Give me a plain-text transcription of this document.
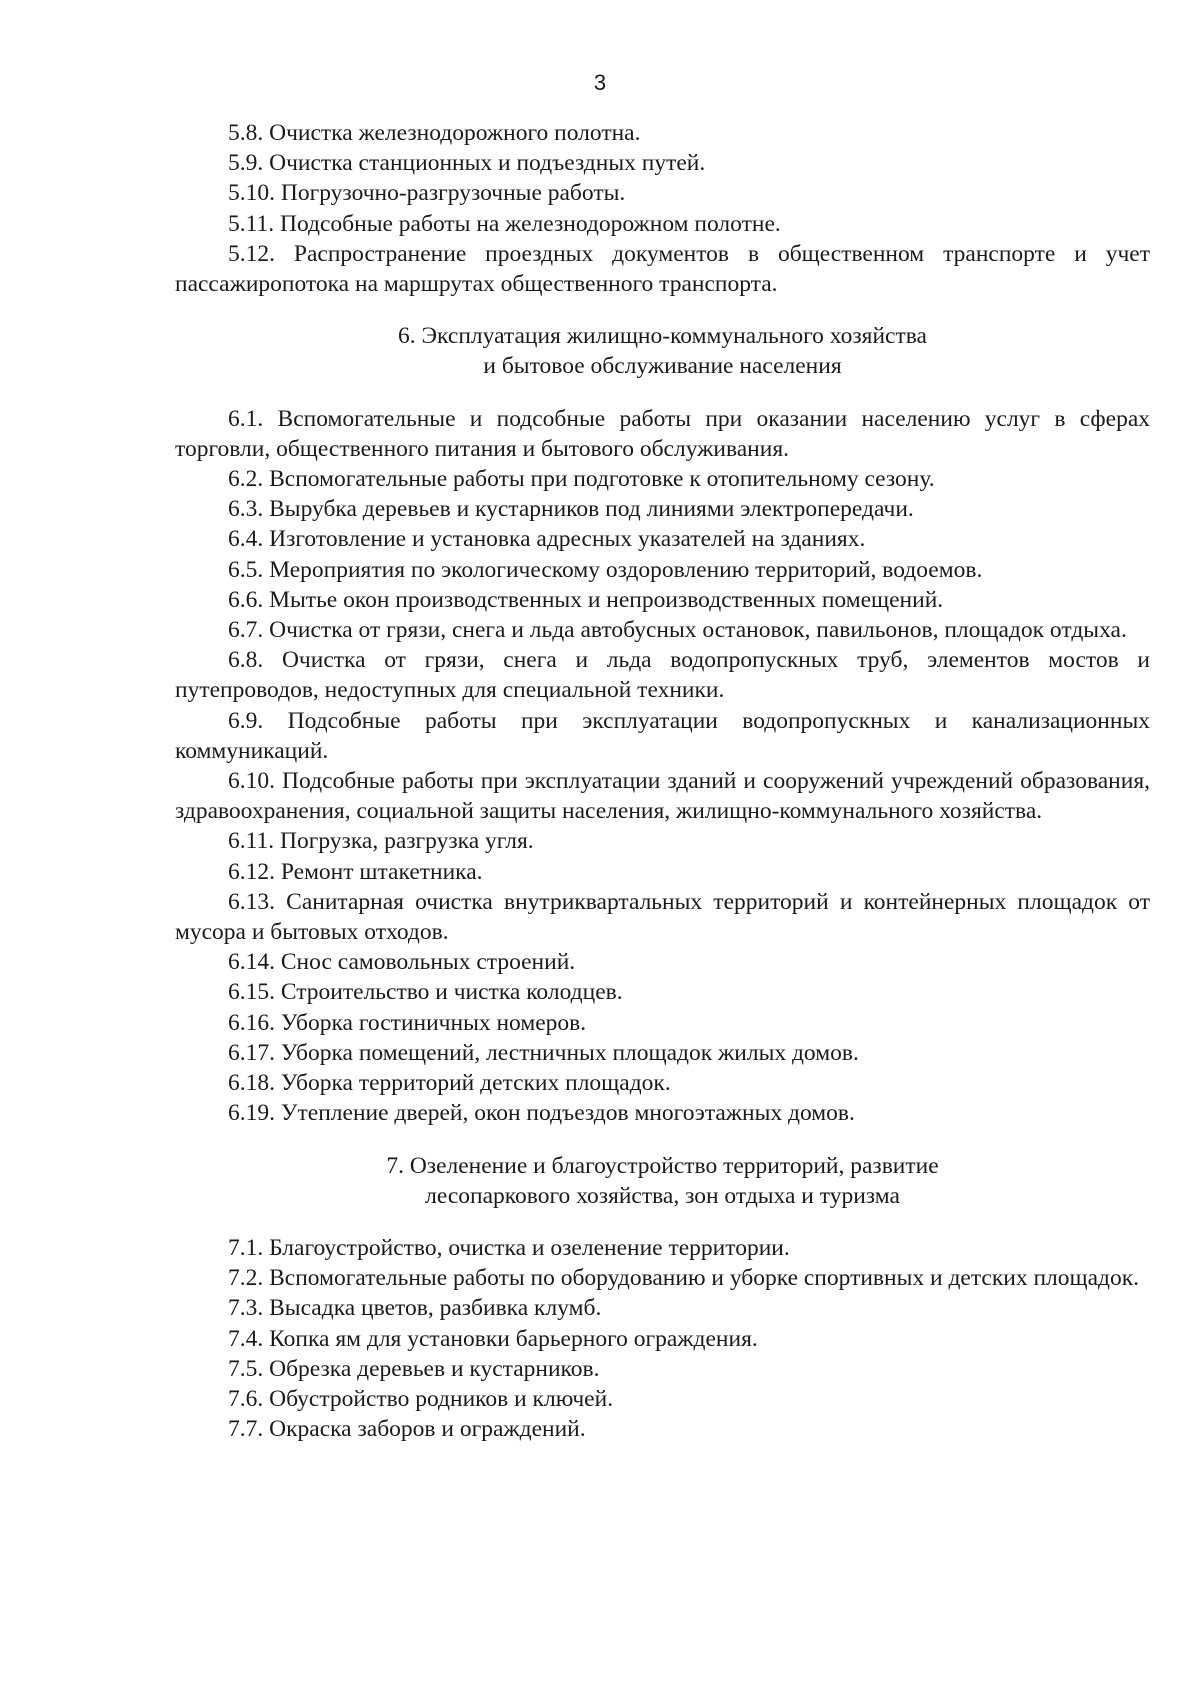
3

5.8. Очистка железнодорожного полотна.

5.9. Очистка станционных и подъездных путей.

5.10. Погрузочно-разгрузочные работы.

5.11. Подсобные работы на железнодорожном полотне.

5.12. Распространение проездных документов в общественном транспорте и учет пассажиропотока на маршрутах общественного транспорта.

6. Эксплуатация жилищно-коммунального хозяйства
и бытовое обслуживание населения

6.1. Вспомогательные и подсобные работы при оказании населению услуг в сферах торговли, общественного питания и бытового обслуживания.

6.2. Вспомогательные работы при подготовке к отопительному сезону.

6.3. Вырубка деревьев и кустарников под линиями электропередачи.

6.4. Изготовление и установка адресных указателей на зданиях.

6.5. Мероприятия по экологическому оздоровлению территорий, водоемов.

6.6. Мытье окон производственных и непроизводственных помещений.

6.7. Очистка от грязи, снега и льда автобусных остановок, павильонов, площадок отдыха.

6.8. Очистка от грязи, снега и льда водопропускных труб, элементов мостов и путепроводов, недоступных для специальной техники.

6.9. Подсобные работы при эксплуатации водопропускных и канализационных коммуникаций.

6.10. Подсобные работы при эксплуатации зданий и сооружений учреждений образования, здравоохранения, социальной защиты населения, жилищно-коммунального хозяйства.

6.11. Погрузка, разгрузка угля.

6.12. Ремонт штакетника.

6.13. Санитарная очистка внутриквартальных территорий и контейнерных площадок от мусора и бытовых отходов.

6.14. Снос самовольных строений.

6.15. Строительство и чистка колодцев.

6.16. Уборка гостиничных номеров.

6.17. Уборка помещений, лестничных площадок жилых домов.

6.18. Уборка территорий детских площадок.

6.19. Утепление дверей, окон подъездов многоэтажных домов.

7. Озеленение и благоустройство территорий, развитие
лесопаркового хозяйства, зон отдыха и туризма

7.1. Благоустройство, очистка и озеленение территории.

7.2. Вспомогательные работы по оборудованию и уборке спортивных и детских площадок.

7.3. Высадка цветов, разбивка клумб.

7.4. Копка ям для установки барьерного ограждения.

7.5. Обрезка деревьев и кустарников.

7.6. Обустройство родников и ключей.

7.7. Окраска заборов и ограждений.
